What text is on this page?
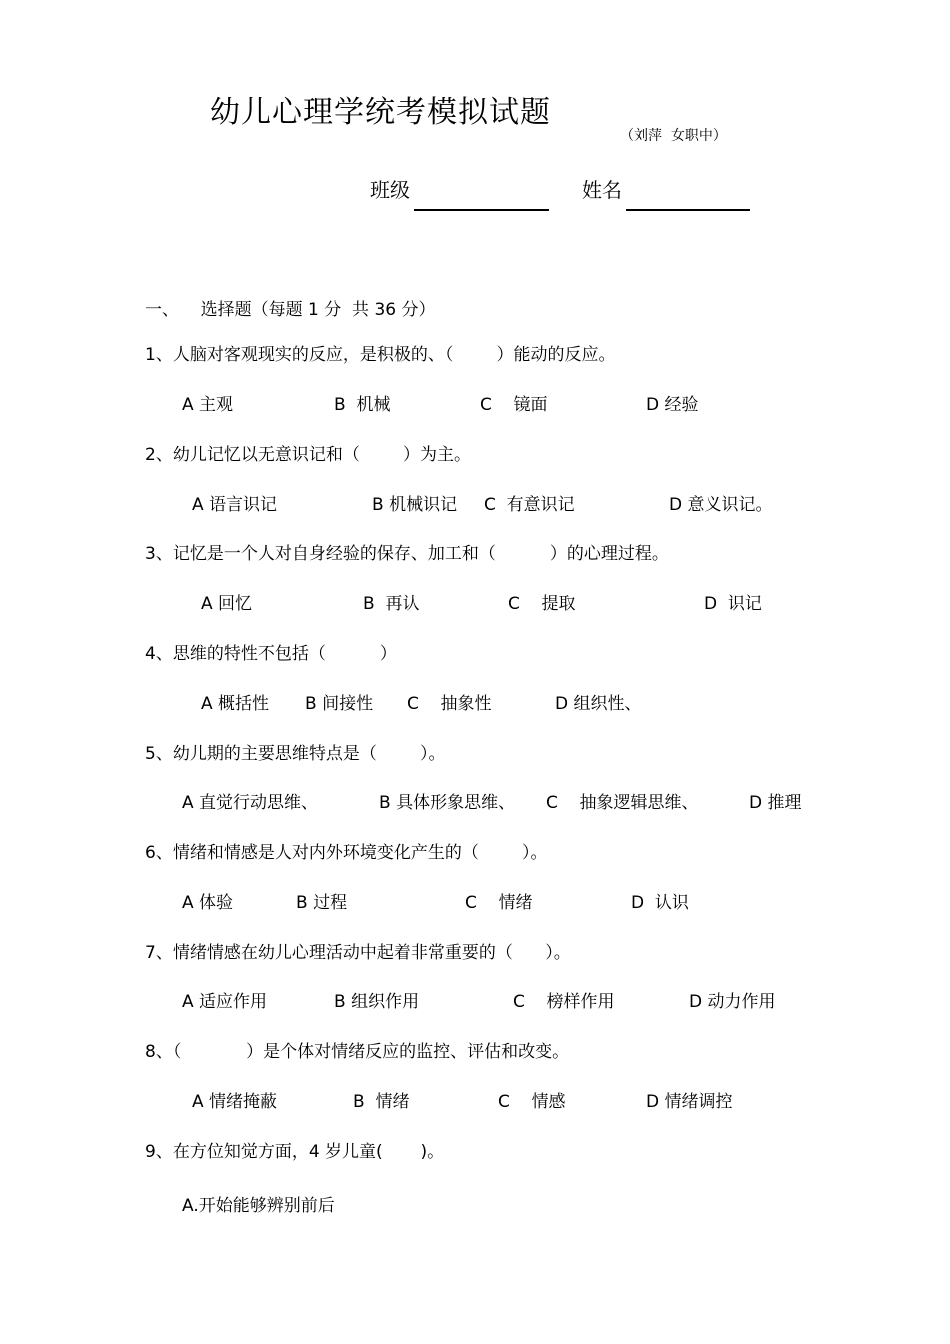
幼儿心理学统考模拟试题
（刘萍  女职中）
班级	姓名
一、    选择题（每题 1 分  共 36 分）
1、人脑对客观现实的反应，是积极的、（        ）能动的反应。
A 主观	B  机械	C    镜面	D 经验
2、幼儿记忆以无意识记和（        ）为主。
A 语言识记	B 机械识记 C  有意识记	D 意义识记。
3、记忆是一个人对自身经验的保存、加工和（          ）的心理过程。
A 回忆	B  再认	C    提取	D  识记
4、思维的特性不包括（          ）
A 概括性 B 间接性 C    抽象性	D 组织性、
5、幼儿期的主要思维特点是（        ）。
A 直觉行动思维、	B 具体形象思维、 C    抽象逻辑思维、	D 推理
6、情绪和情感是人对内外环境变化产生的（        ）。
A 体验	B 过程	C    情绪	D  认识
7、情绪情感在幼儿心理活动中起着非常重要的（      ）。
A 适应作用	B 组织作用	C    榜样作用	D 动力作用
8、（            ）是个体对情绪反应的监控、评估和改变。
A 情绪掩蔽	B  情绪	C    情感	D 情绪调控
9、在方位知觉方面，4 岁儿童(       )。
A.开始能够辨别前后
